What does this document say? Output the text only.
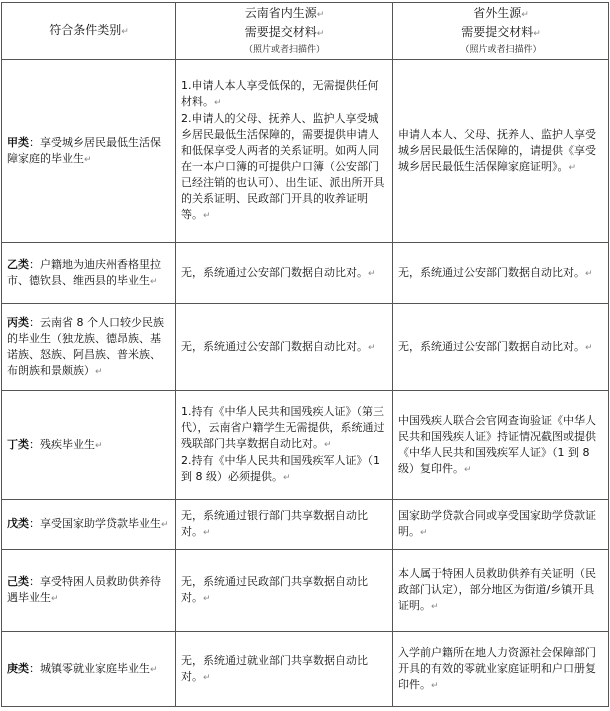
符合条件类别↵	云南省内生源↵
需要提交材料↵
（照片或者扫描件）	省外生源↵
需要提交材料↵
（照片或者扫描件）

甲类：享受城乡居民最低生活保障家庭的毕业生↵	1.申请人本人享受低保的，无需提供任何材料。↵

2.申请人的父母、抚养人、监护人享受城乡居民最低生活保障的，需要提供申请人和低保享受人两者的关系证明。如两人同在一本户口簿的可提供户口簿（公安部门已经注销的也认可）、出生证、派出所开具的关系证明、民政部门开具的收养证明等。↵	申请人本人、父母、抚养人、监护人享受城乡居民最低生活保障的，请提供《享受城乡居民最低生活保障家庭证明》。↵
乙类：户籍地为迪庆州香格里拉市、德钦县、维西县的毕业生↵	无，系统通过公安部门数据自动比对。↵	无，系统通过公安部门数据自动比对。↵
丙类：云南省 8 个人口较少民族的毕业生（独龙族、德昂族、基诺族、怒族、阿昌族、普米族、布朗族和景颇族）↵	无，系统通过公安部门数据自动比对。↵	无，系统通过公安部门数据自动比对。↵
丁类：残疾毕业生↵	1.持有《中华人民共和国残疾人证》（第三代），云南省户籍学生无需提供，系统通过残联部门共享数据自动比对。↵

2.持有《中华人民共和国残疾军人证》（1 到 8 级）必须提供。↵	中国残疾人联合会官网查询验证《中华人民共和国残疾人证》持证情况截图或提供《中华人民共和国残疾军人证》（1 到 8 级）复印件。↵
戊类：享受国家助学贷款毕业生↵	无，系统通过银行部门共享数据自动比对。↵	国家助学贷款合同或享受国家助学贷款证明。↵
己类：享受特困人员救助供养待遇毕业生↵	无，系统通过民政部门共享数据自动比对。↵	本人属于特困人员救助供养有关证明（民政部门认定），部分地区为街道/乡镇开具证明。↵
庚类：城镇零就业家庭毕业生↵	无，系统通过就业部门共享数据自动比对。↵	入学前户籍所在地人力资源社会保障部门开具的有效的零就业家庭证明和户口册复印件。↵
